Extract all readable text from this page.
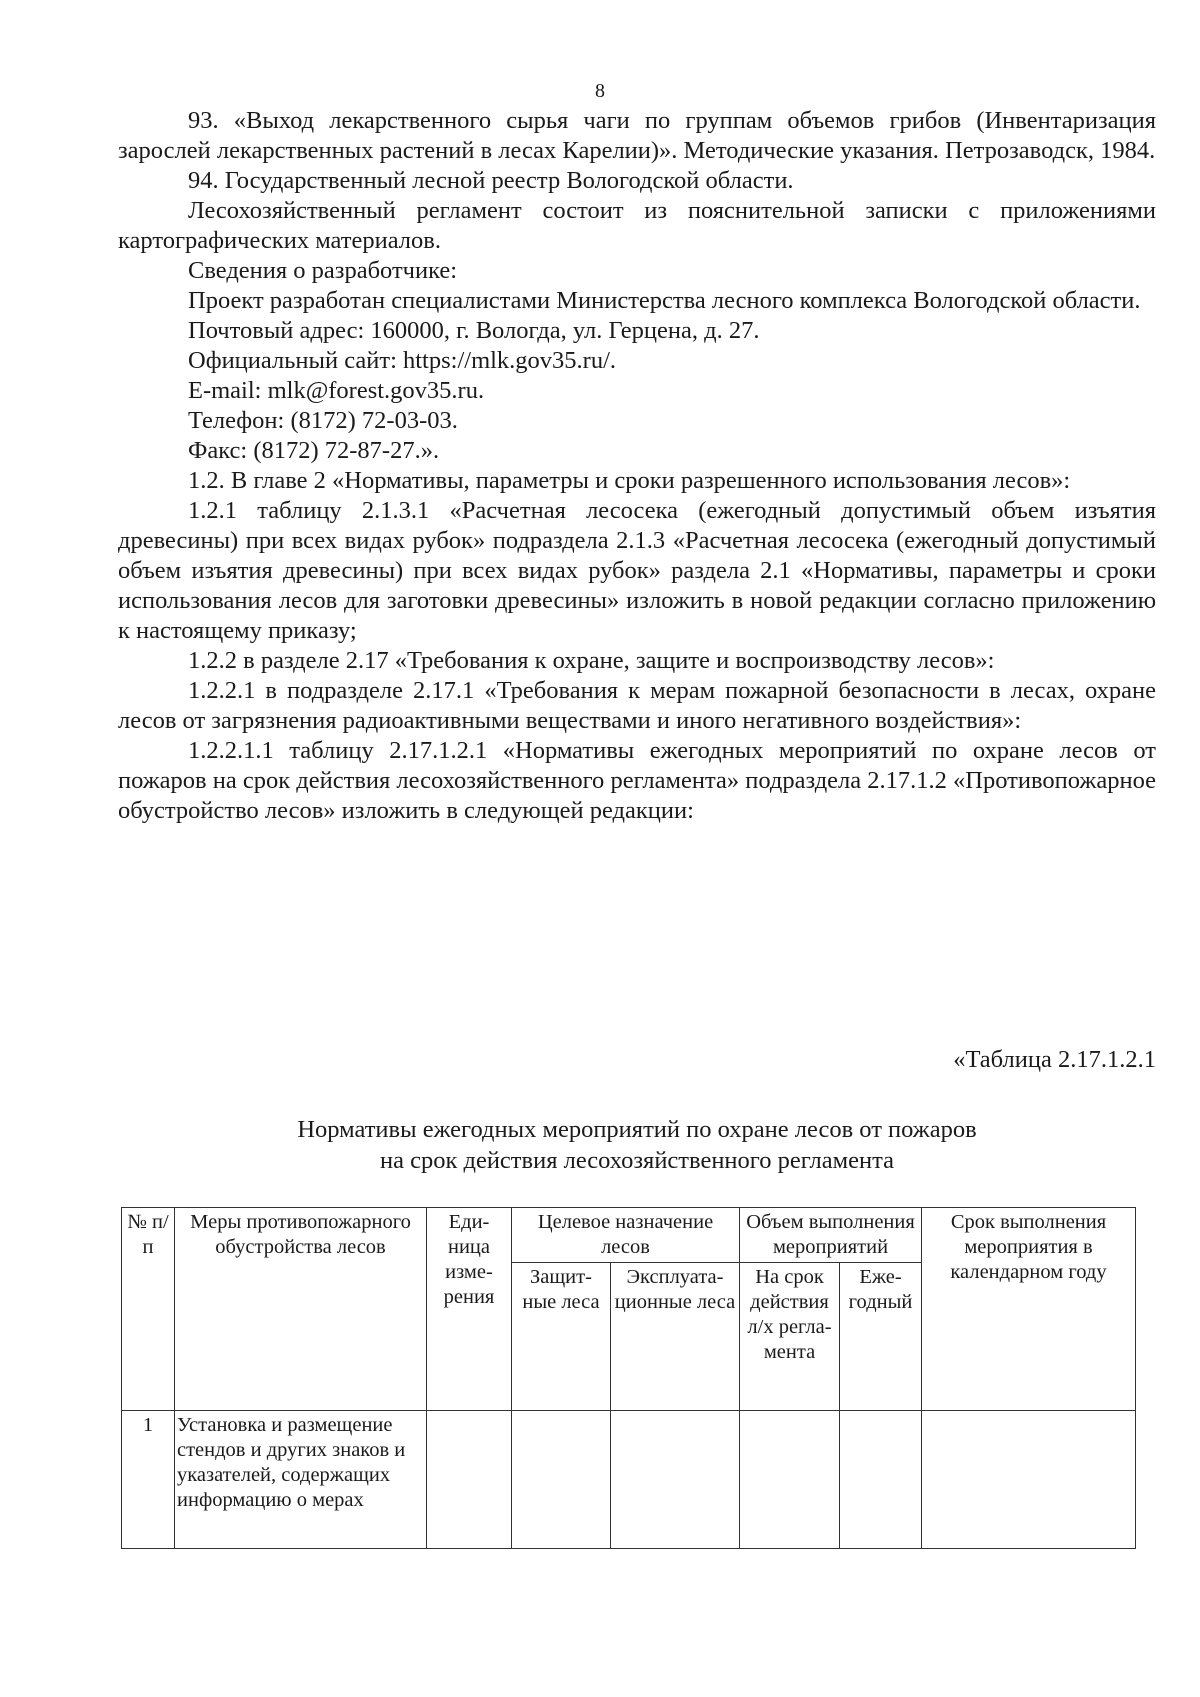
8

93. «Выход лекарственного сырья чаги по группам объемов грибов (Инвентаризация зарослей лекарственных растений в лесах Карелии)». Методические указания. Петрозаводск, 1984.

94. Государственный лесной реестр Вологодской области.

Лесохозяйственный регламент состоит из пояснительной записки с приложениями картографических материалов.

Сведения о разработчике:

Проект разработан специалистами Министерства лесного комплекса Вологодской области.

Почтовый адрес: 160000, г. Вологда, ул. Герцена, д. 27.

Официальный сайт: https://mlk.gov35.ru/.

E-mail: mlk@forest.gov35.ru.

Телефон: (8172) 72-03-03.

Факс: (8172) 72-87-27.».

1.2. В главе 2 «Нормативы, параметры и сроки разрешенного использования лесов»:

1.2.1 таблицу 2.1.3.1 «Расчетная лесосека (ежегодный допустимый объем изъятия древесины) при всех видах рубок» подраздела 2.1.3 «Расчетная лесосека (ежегодный допустимый объем изъятия древесины) при всех видах рубок» раздела 2.1 «Нормативы, параметры и сроки использования лесов для заготовки древесины» изложить в новой редакции согласно приложению к настоящему приказу;

1.2.2 в разделе 2.17 «Требования к охране, защите и воспроизводству лесов»:

1.2.2.1 в подразделе 2.17.1 «Требования к мерам пожарной безопасности в лесах, охране лесов от загрязнения радиоактивными веществами и иного негативного воздействия»:

1.2.2.1.1 таблицу 2.17.1.2.1 «Нормативы ежегодных мероприятий по охране лесов от пожаров на срок действия лесохозяйственного регламента» подраздела 2.17.1.2 «Противопожарное обустройство лесов» изложить в следующей редакции:

«Таблица 2.17.1.2.1
Нормативы ежегодных мероприятий по охране лесов от пожаров
на срок действия лесохозяйственного регламента
№ п/п	Меры противопожарного обустройства лесов	Еди-ница изме-рения	Целевое назначение лесов		Объем выполнения мероприятий		Срок выполнения мероприятия в календарном году
			Защит-ные леса	Эксплуата-ционные леса	На срок действия л/х регла-мента	Еже-годный	
1	Установка и размещение стендов и других знаков и указателей, содержащих информацию о мерах						
